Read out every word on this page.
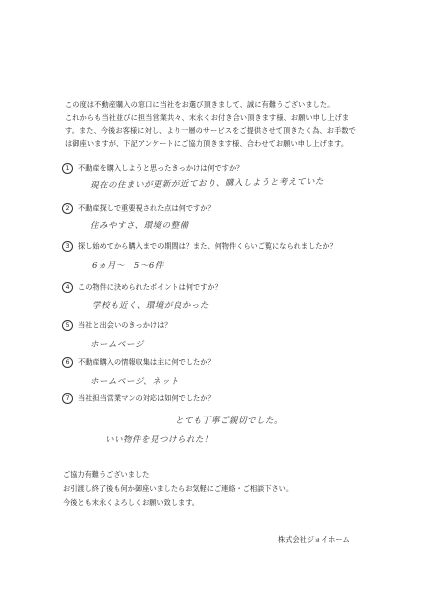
この度は不動産購入の窓口に当社をお選び頂きまして、誠に有難うございました。

これからも当社並びに担当営業共々、末永くお付き合い頂きます様、お願い申し上げま

す。また、今後お客様に対し、より一層のサービスをご提供させて頂きたく為、お手数で

は御座いますが、下記アンケートにご協力頂きます様、合わせてお願い申し上げます。

1 不動産を購入しようと思ったきっかけは何ですか？
現在の住まいが更新が近ており、購入しようと考えていた
2 不動産探しで重要視された点は何ですか？
住みやすさ、環境の整備
3 探し始めてから購入までの期間は？また、何物件くらいご覧になられましたか？
6ヵ月～　5～6件
4 この物件に決められたポイントは何ですか？
学校も近く、環境が良かった
5 当社と出会いのきっかけは？
ホームページ
6 不動産購入の情報収集は主に何でしたか？
ホームページ、ネット
7 当社担当営業マンの対応は如何でしたか？
とても丁寧ご親切でした。
いい物件を見つけられた！

ご協力有難うございました

お引渡し終了後も何か御座いましたらお気軽にご連絡・ご相談下さい。

今後とも末永くよろしくお願い致します。

株式会社ジョイホーム
